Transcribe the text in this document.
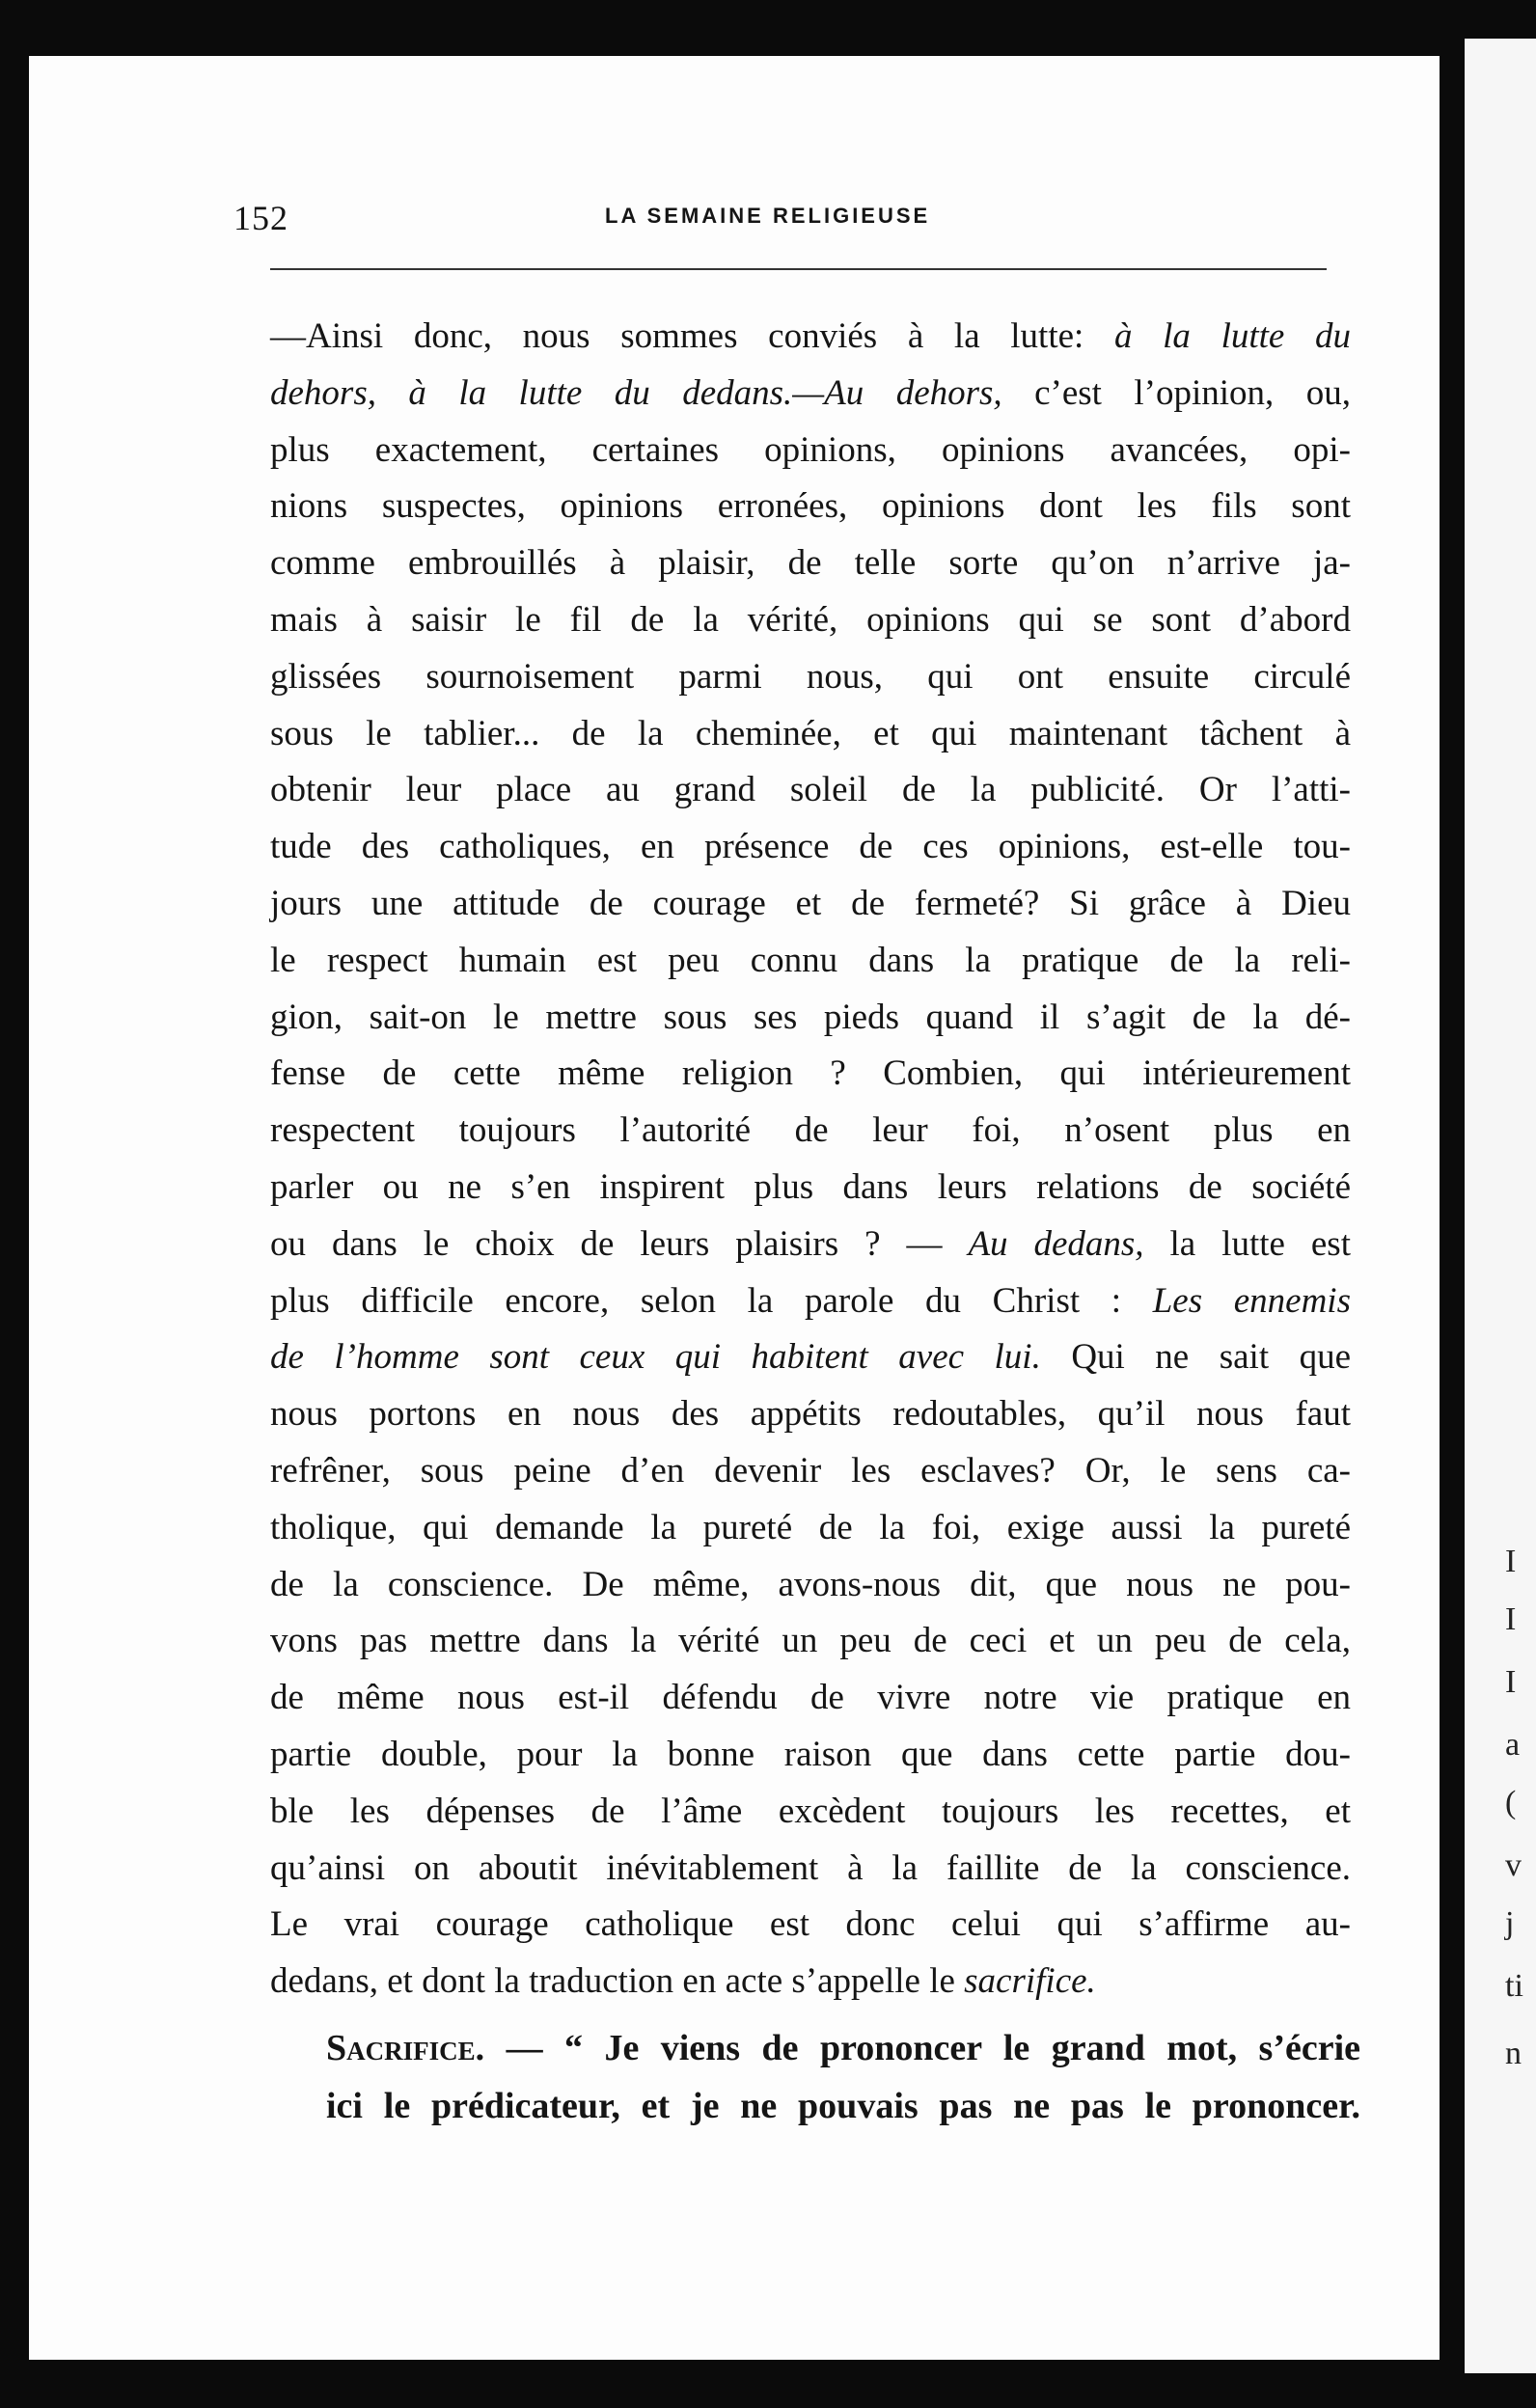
152	LA SEMAINE RELIGIEUSE
—Ainsi donc, nous sommes conviés à la lutte: à la lutte du
dehors, à la lutte du dedans.—Au dehors, c’est l’opinion, ou,
plus exactement, certaines opinions, opinions avancées, opi-
nions suspectes, opinions erronées, opinions dont les fils sont
comme embrouillés à plaisir, de telle sorte qu’on n’arrive ja-
mais à saisir le fil de la vérité, opinions qui se sont d’abord
glissées sournoisement parmi nous, qui ont ensuite circulé
sous le tablier... de la cheminée, et qui maintenant tâchent à
obtenir leur place au grand soleil de la publicité. Or l’atti-
tude des catholiques, en présence de ces opinions, est-elle tou-
jours une attitude de courage et de fermeté? Si grâce à Dieu
le respect humain est peu connu dans la pratique de la reli-
gion, sait-on le mettre sous ses pieds quand il s’agit de la dé-
fense de cette même religion ? Combien, qui intérieurement
respectent toujours l’autorité de leur foi, n’osent plus en
parler ou ne s’en inspirent plus dans leurs relations de société
ou dans le choix de leurs plaisirs ? — Au dedans, la lutte est
plus difficile encore, selon la parole du Christ : Les ennemis
de l’homme sont ceux qui habitent avec lui. Qui ne sait que
nous portons en nous des appétits redoutables, qu’il nous faut
refrêner, sous peine d’en devenir les esclaves? Or, le sens ca-
tholique, qui demande la pureté de la foi, exige aussi la pureté
de la conscience. De même, avons-nous dit, que nous ne pou-
vons pas mettre dans la vérité un peu de ceci et un peu de cela,
de même nous est-il défendu de vivre notre vie pratique en
partie double, pour la bonne raison que dans cette partie dou-
ble les dépenses de l’âme excèdent toujours les recettes, et
qu’ainsi on aboutit inévitablement à la faillite de la conscience.
Le vrai courage catholique est donc celui qui s’affirme au-
dedans, et dont la traduction en acte s’appelle le sacrifice.
Sacrifice. — “ Je viens de prononcer le grand mot, s’écrie
ici le prédicateur, et je ne pouvais pas ne pas le prononcer.
I
I
I
a
(
v
j
ti
n
